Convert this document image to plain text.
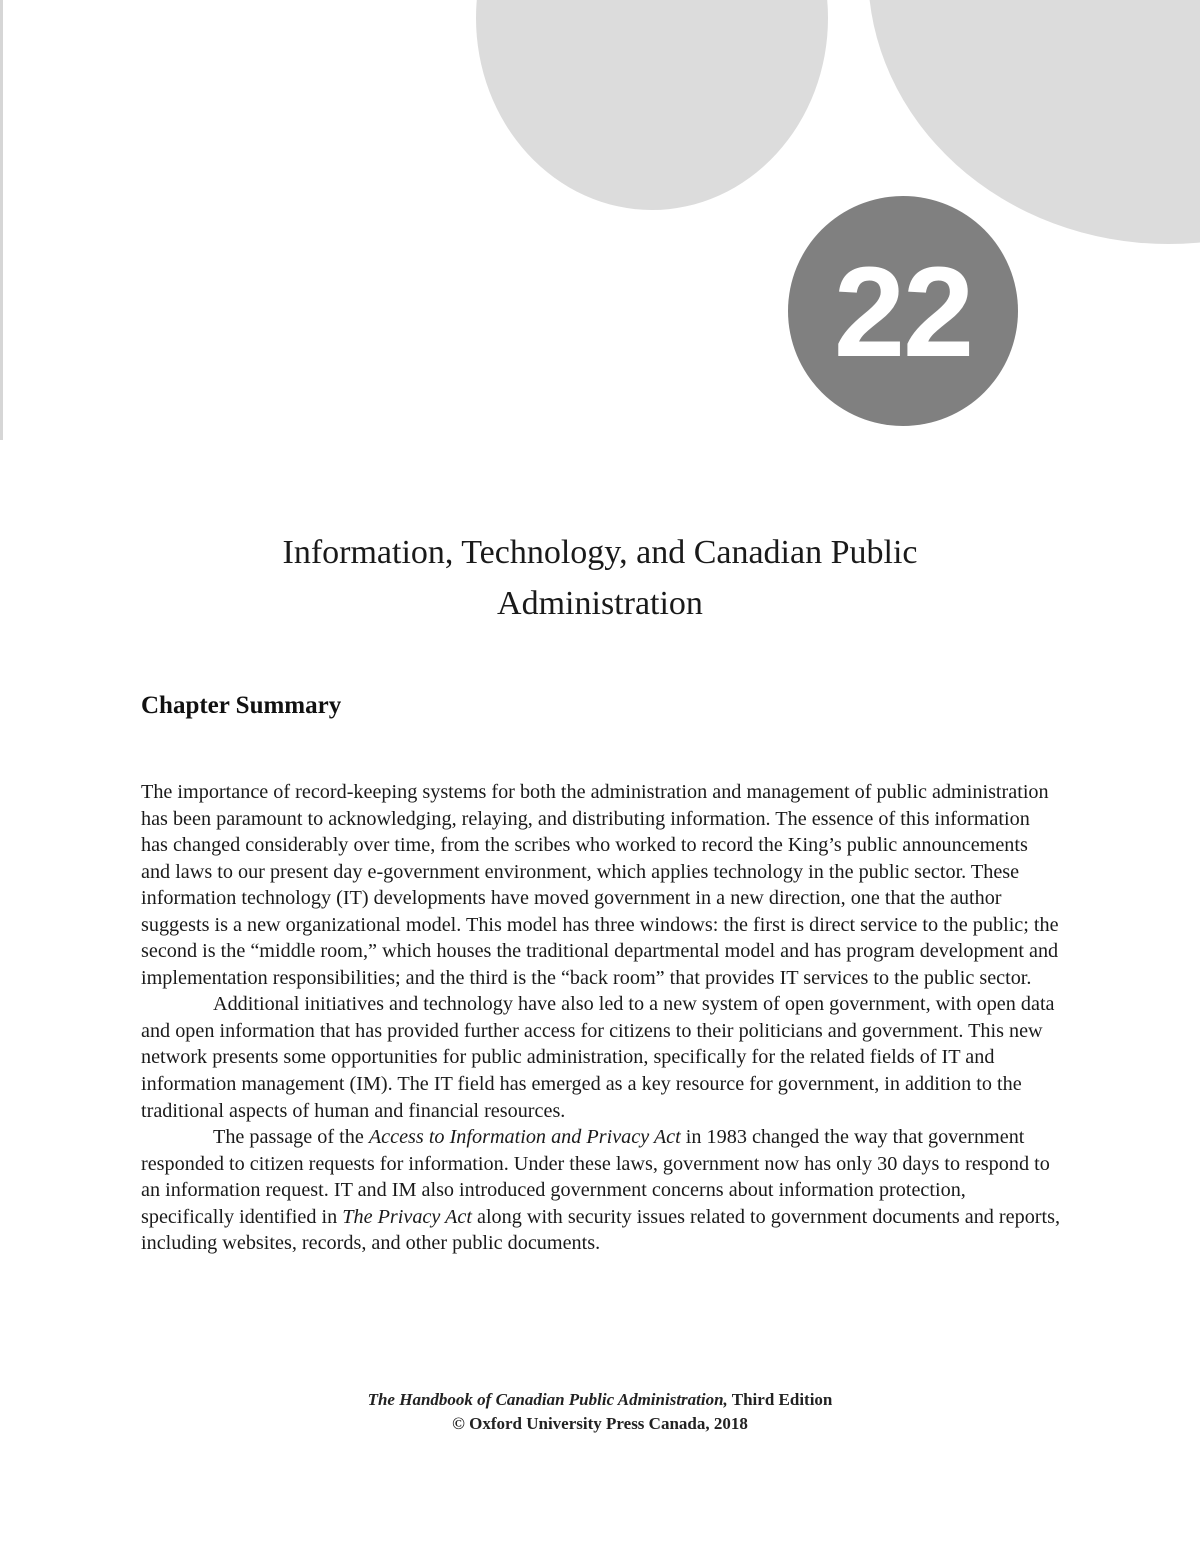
22
Information, Technology, and Canadian Public
Administration
Chapter Summary

The importance of record-keeping systems for both the administration and management of public administration has been paramount to acknowledging, relaying, and distributing information. The essence of this information has changed considerably over time, from the scribes who worked to record the King’s public announcements and laws to our present day e-government environment, which applies technology in the public sector. These information technology (IT) developments have moved government in a new direction, one that the author suggests is a new organizational model. This model has three windows: the first is direct service to the public; the second is the “middle room,” which houses the traditional departmental model and has program development and implementation responsibilities; and the third is the “back room” that provides IT services to the public sector.

Additional initiatives and technology have also led to a new system of open government, with open data and open information that has provided further access for citizens to their politicians and government. This new network presents some opportunities for public administration, specifically for the related fields of IT and information management (IM). The IT field has emerged as a key resource for government, in addition to the traditional aspects of human and financial resources.

The passage of the Access to Information and Privacy Act in 1983 changed the way that government responded to citizen requests for information. Under these laws, government now has only 30 days to respond to an information request. IT and IM also introduced government concerns about information protection, specifically identified in The Privacy Act along with security issues related to government documents and reports, including websites, records, and other public documents.

The Handbook of Canadian Public Administration, Third Edition
© Oxford University Press Canada, 2018
